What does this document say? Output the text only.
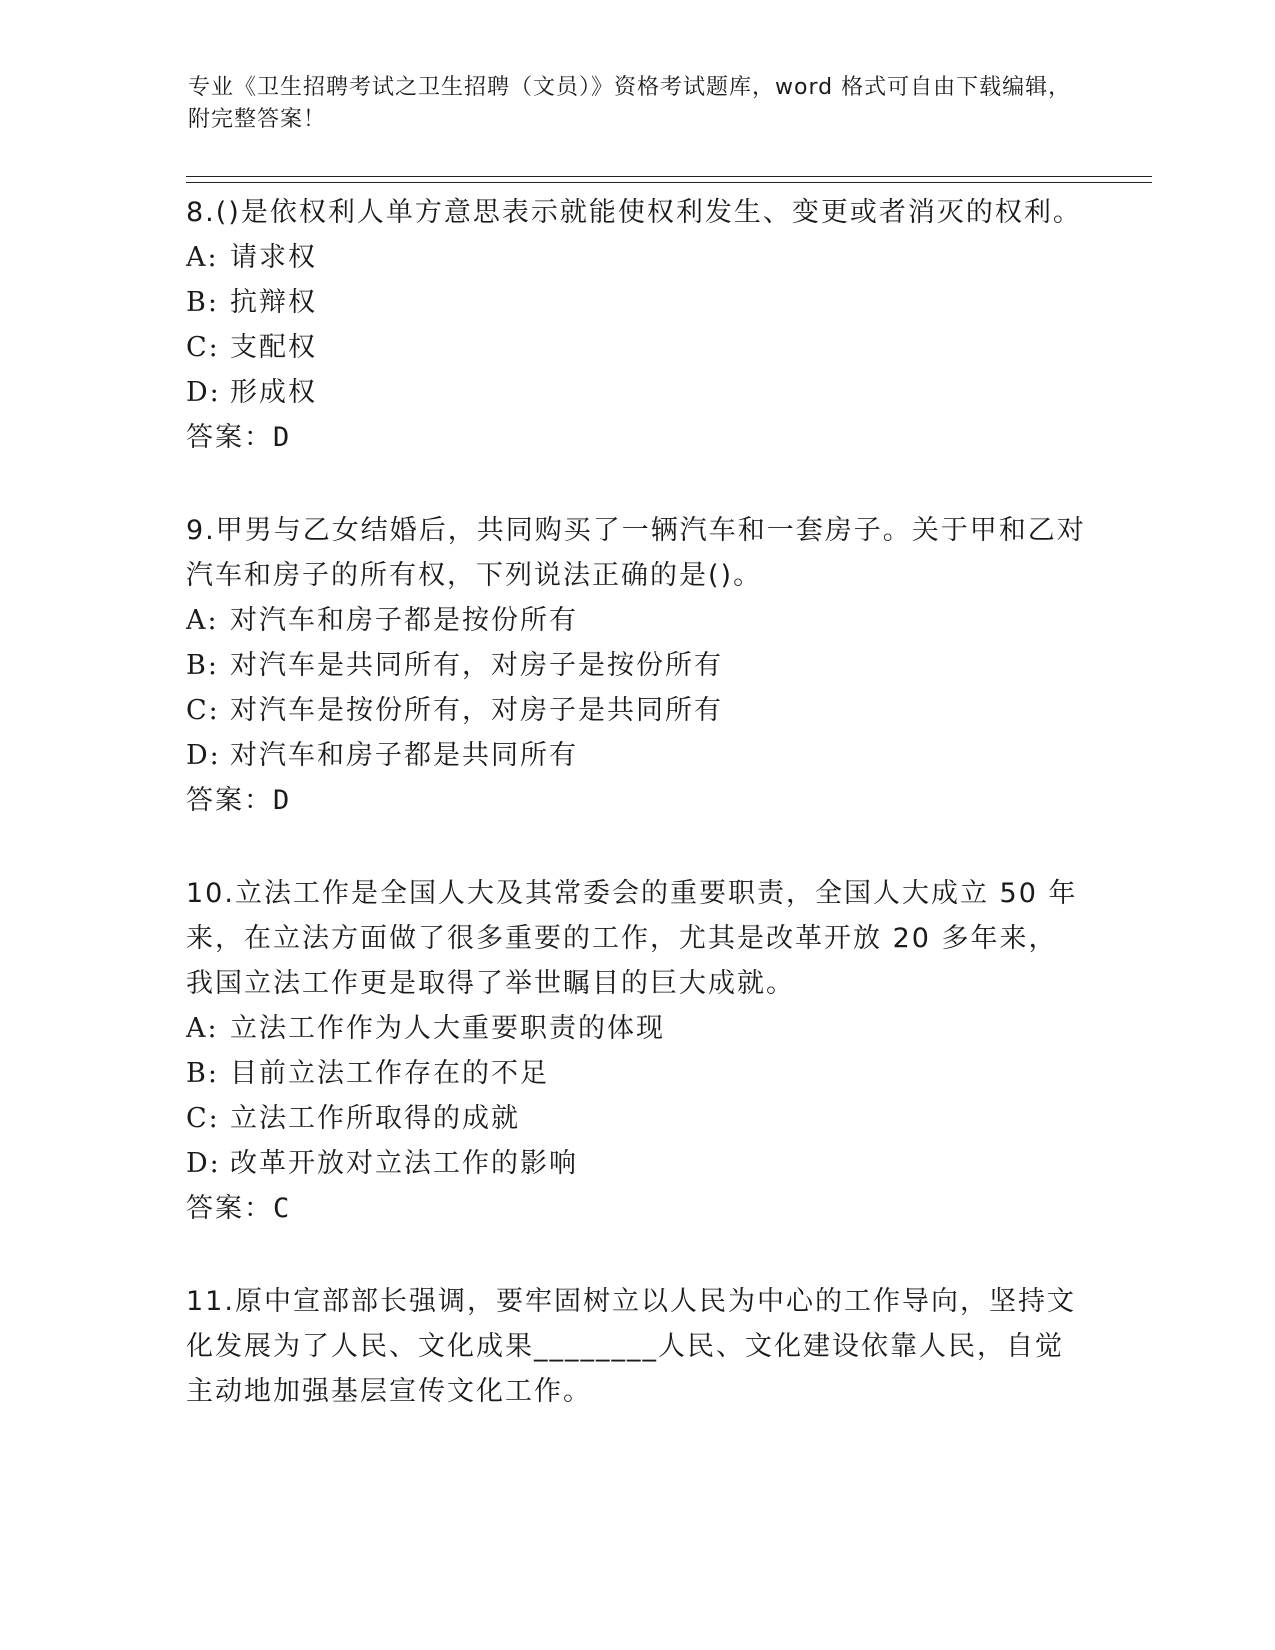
专业《卫生招聘考试之卫生招聘（文员）》资格考试题库，word 格式可自由下载编辑，附完整答案！
8.()是依权利人单方意思表示就能使权利发生、变更或者消灭的权利。
A: 请求权
B: 抗辩权
C: 支配权
D: 形成权
答案：D
9.甲男与乙女结婚后，共同购买了一辆汽车和一套房子。关于甲和乙对汽车和房子的所有权，下列说法正确的是()。
A: 对汽车和房子都是按份所有
B: 对汽车是共同所有，对房子是按份所有
C: 对汽车是按份所有，对房子是共同所有
D: 对汽车和房子都是共同所有
答案：D
10.立法工作是全国人大及其常委会的重要职责，全国人大成立 50 年来，在立法方面做了很多重要的工作，尤其是改革开放 20 多年来，我国立法工作更是取得了举世瞩目的巨大成就。
A: 立法工作作为人大重要职责的体现
B: 目前立法工作存在的不足
C: 立法工作所取得的成就
D: 改革开放对立法工作的影响
答案：C
11.原中宣部部长强调，要牢固树立以人民为中心的工作导向，坚持文化发展为了人民、文化成果________人民、文化建设依靠人民，自觉主动地加强基层宣传文化工作。
